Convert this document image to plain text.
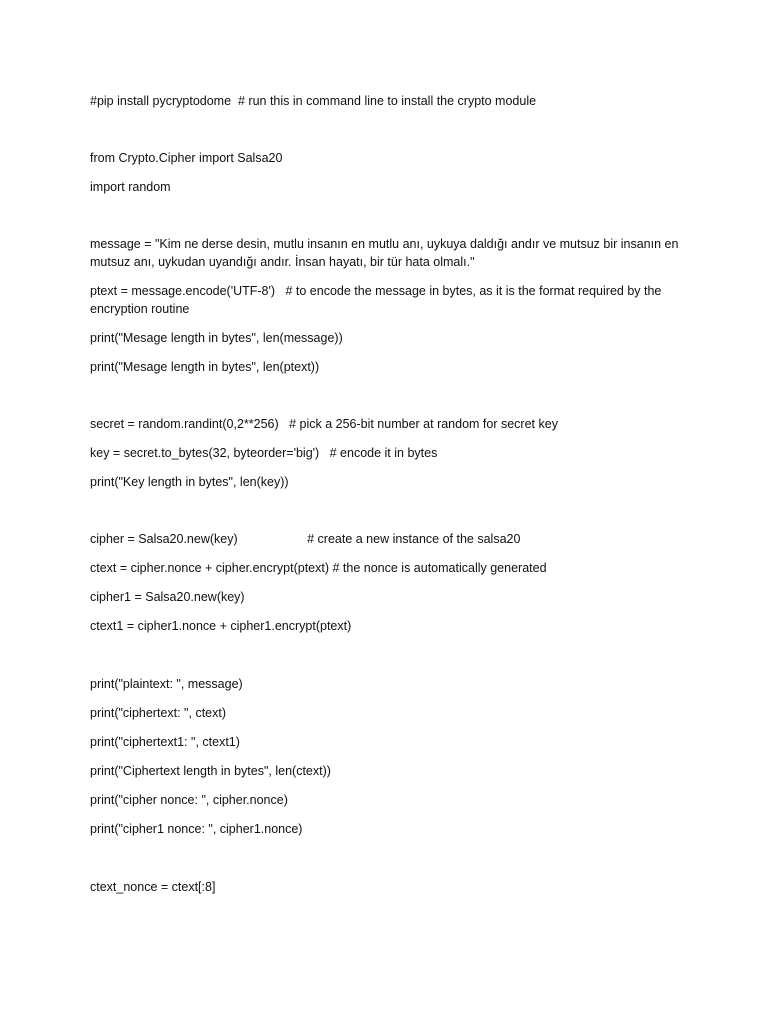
#pip install pycryptodome  # run this in command line to install the crypto module
from Crypto.Cipher import Salsa20
import random
message = "Kim ne derse desin, mutlu insanın en mutlu anı, uykuya daldığı andır ve mutsuz bir insanın en mutsuz anı, uykudan uyandığı andır. İnsan hayatı, bir tür hata olmalı."
ptext = message.encode('UTF-8')   # to encode the message in bytes, as it is the format required by the encryption routine
print("Mesage length in bytes", len(message))
print("Mesage length in bytes", len(ptext))
secret = random.randint(0,2**256)   # pick a 256-bit number at random for secret key
key = secret.to_bytes(32, byteorder='big')   # encode it in bytes
print("Key length in bytes", len(key))
cipher = Salsa20.new(key)                    # create a new instance of the salsa20
ctext = cipher.nonce + cipher.encrypt(ptext) # the nonce is automatically generated
cipher1 = Salsa20.new(key)
ctext1 = cipher1.nonce + cipher1.encrypt(ptext)
print("plaintext: ", message)
print("ciphertext: ", ctext)
print("ciphertext1: ", ctext1)
print("Ciphertext length in bytes", len(ctext))
print("cipher nonce: ", cipher.nonce)
print("cipher1 nonce: ", cipher1.nonce)
ctext_nonce = ctext[:8]
